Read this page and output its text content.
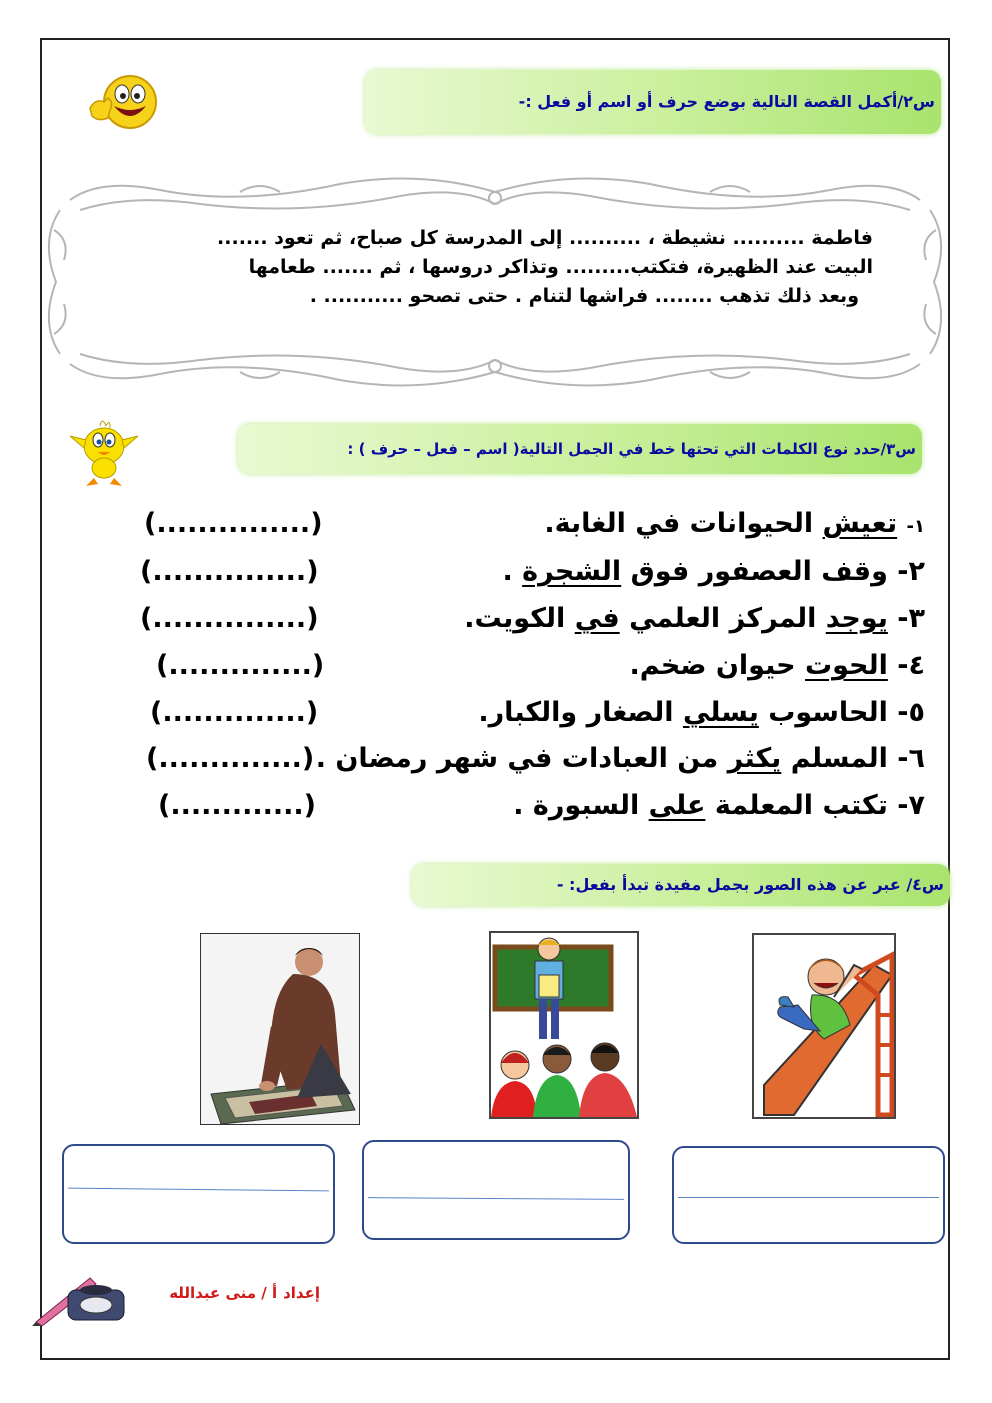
س٢/أكمل القصة التالية بوضع حرف أو اسم أو فعل :-
فاطمة .......... نشيطة ، .......... إلى المدرسة كل صباح، ثم تعود .......
البيت عند الظهيرة، فتكتب......... وتذاكر دروسها ، ثم ....... طعامها
وبعد ذلك تذهب ........ فراشها لتنام . حتى تصحو ........... .
س٣/حدد نوع الكلمات التي تحتها خط في الجمل التالية( اسم – فعل – حرف ) :
١- تعيش الحيوانات في الغابة.
(...............)
٢- وقف العصفور فوق الشجرة .
(...............)
٣- يوجد المركز العلمي في الكويت.
(...............)
٤- الحوت حيوان ضخم.
(..............)
٥- الحاسوب يسلي الصغار والكبار.
(..............)
٦- المسلم يكثر من العبادات في شهر رمضان .
(..............)
٧- تكتب المعلمة على السبورة .
(.............)
س٤/ عبر عن هذه الصور بجمل مفيدة تبدأ بفعل: -
إعدادأ / منى عبدالله
